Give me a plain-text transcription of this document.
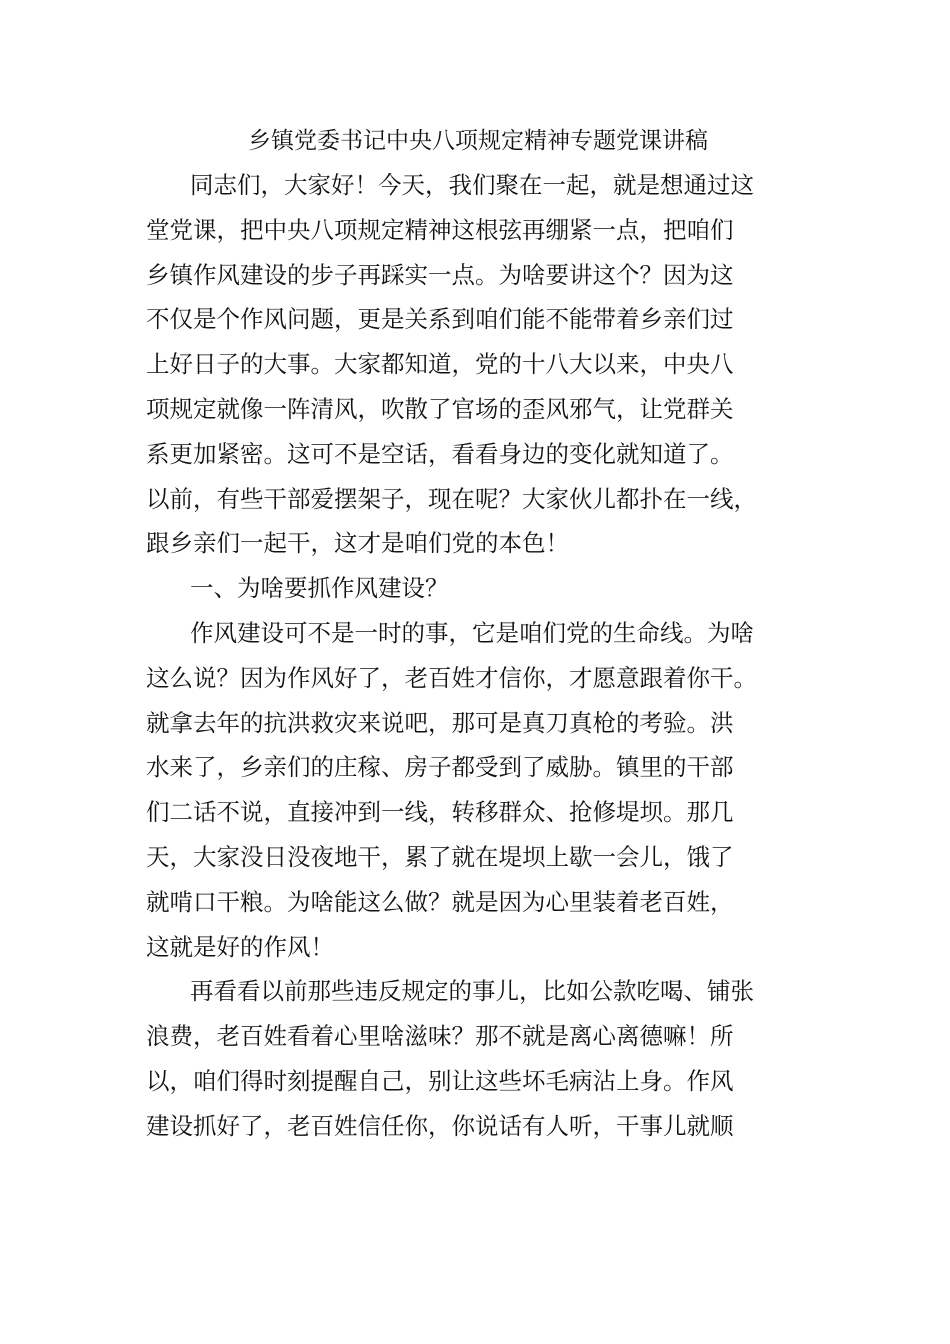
乡镇党委书记中央八项规定精神专题党课讲稿

同志们，大家好！今天，我们聚在一起，就是想通过这

堂党课，把中央八项规定精神这根弦再绷紧一点，把咱们

乡镇作风建设的步子再踩实一点。为啥要讲这个？因为这

不仅是个作风问题，更是关系到咱们能不能带着乡亲们过

上好日子的大事。大家都知道，党的十八大以来，中央八

项规定就像一阵清风，吹散了官场的歪风邪气，让党群关

系更加紧密。这可不是空话，看看身边的变化就知道了。

以前，有些干部爱摆架子，现在呢？大家伙儿都扑在一线，

跟乡亲们一起干，这才是咱们党的本色！

一、为啥要抓作风建设？

作风建设可不是一时的事，它是咱们党的生命线。为啥

这么说？因为作风好了，老百姓才信你，才愿意跟着你干。

就拿去年的抗洪救灾来说吧，那可是真刀真枪的考验。洪

水来了，乡亲们的庄稼、房子都受到了威胁。镇里的干部

们二话不说，直接冲到一线，转移群众、抢修堤坝。那几

天，大家没日没夜地干，累了就在堤坝上歇一会儿，饿了

就啃口干粮。为啥能这么做？就是因为心里装着老百姓，

这就是好的作风！

再看看以前那些违反规定的事儿，比如公款吃喝、铺张

浪费，老百姓看着心里啥滋味？那不就是离心离德嘛！所

以，咱们得时刻提醒自己，别让这些坏毛病沾上身。作风

建设抓好了，老百姓信任你，你说话有人听，干事儿就顺
